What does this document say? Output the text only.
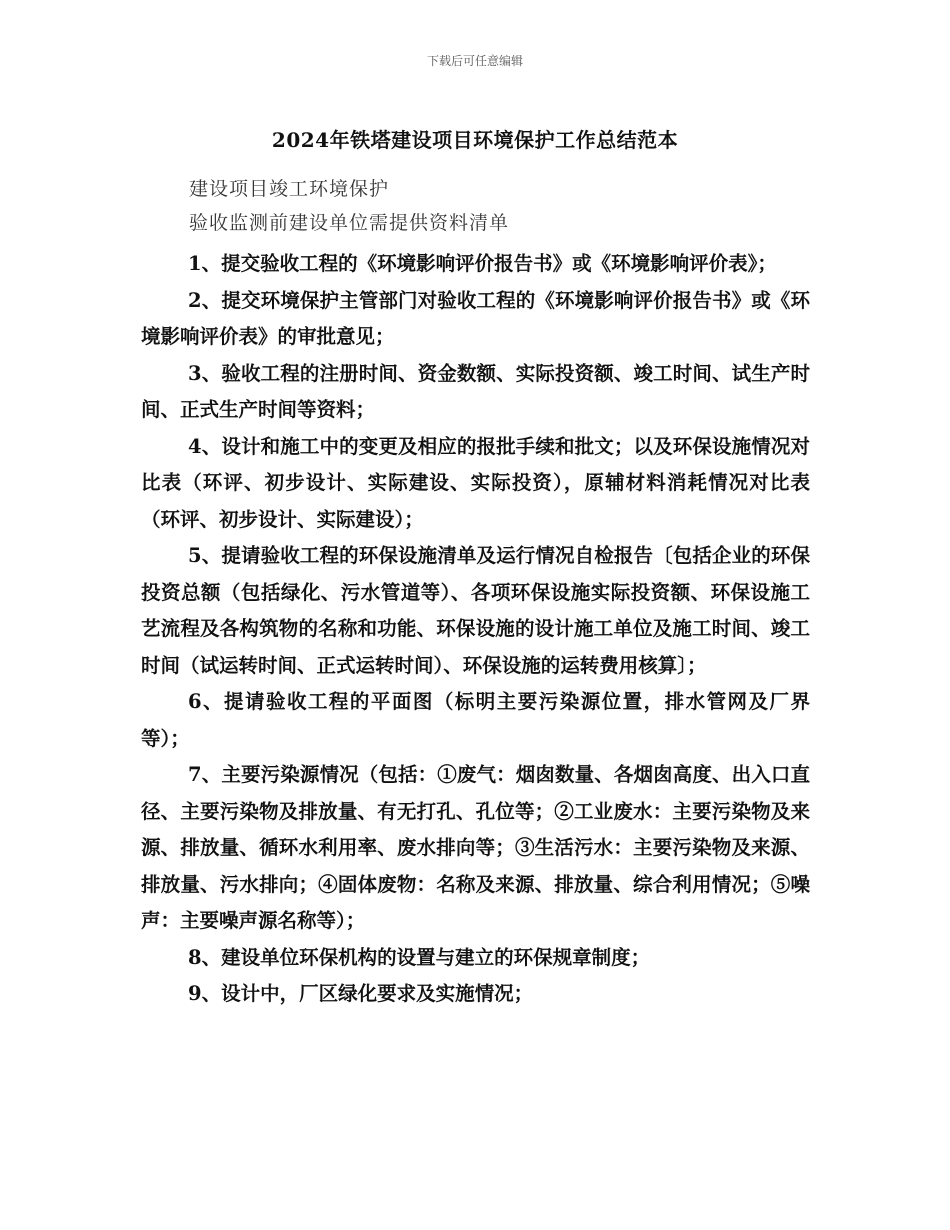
下载后可任意编辑
2024年铁塔建设项目环境保护工作总结范本
建设项目竣工环境保护
验收监测前建设单位需提供资料清单

1、提交验收工程的《环境影响评价报告书》或《环境影响评价表》；

2、提交环境保护主管部门对验收工程的《环境影响评价报告书》或《环境影响评价表》的审批意见；

3、验收工程的注册时间、资金数额、实际投资额、竣工时间、试生产时间、正式生产时间等资料；

4、设计和施工中的变更及相应的报批手续和批文；以及环保设施情况对比表（环评、初步设计、实际建设、实际投资），原辅材料消耗情况对比表（环评、初步设计、实际建设）；

5、提请验收工程的环保设施清单及运行情况自检报告〔包括企业的环保投资总额（包括绿化、污水管道等）、各项环保设施实际投资额、环保设施工艺流程及各构筑物的名称和功能、环保设施的设计施工单位及施工时间、竣工时间（试运转时间、正式运转时间）、环保设施的运转费用核算〕；

6、提请验收工程的平面图（标明主要污染源位置，排水管网及厂界等）；

7、主要污染源情况（包括：①废气：烟囱数量、各烟囱高度、出入口直径、主要污染物及排放量、有无打孔、孔位等；②工业废水：主要污染物及来源、排放量、循环水利用率、废水排向等；③生活污水：主要污染物及来源、排放量、污水排向；④固体废物：名称及来源、排放量、综合利用情况；⑤噪声：主要噪声源名称等）；

8、建设单位环保机构的设置与建立的环保规章制度；

9、设计中，厂区绿化要求及实施情况；
